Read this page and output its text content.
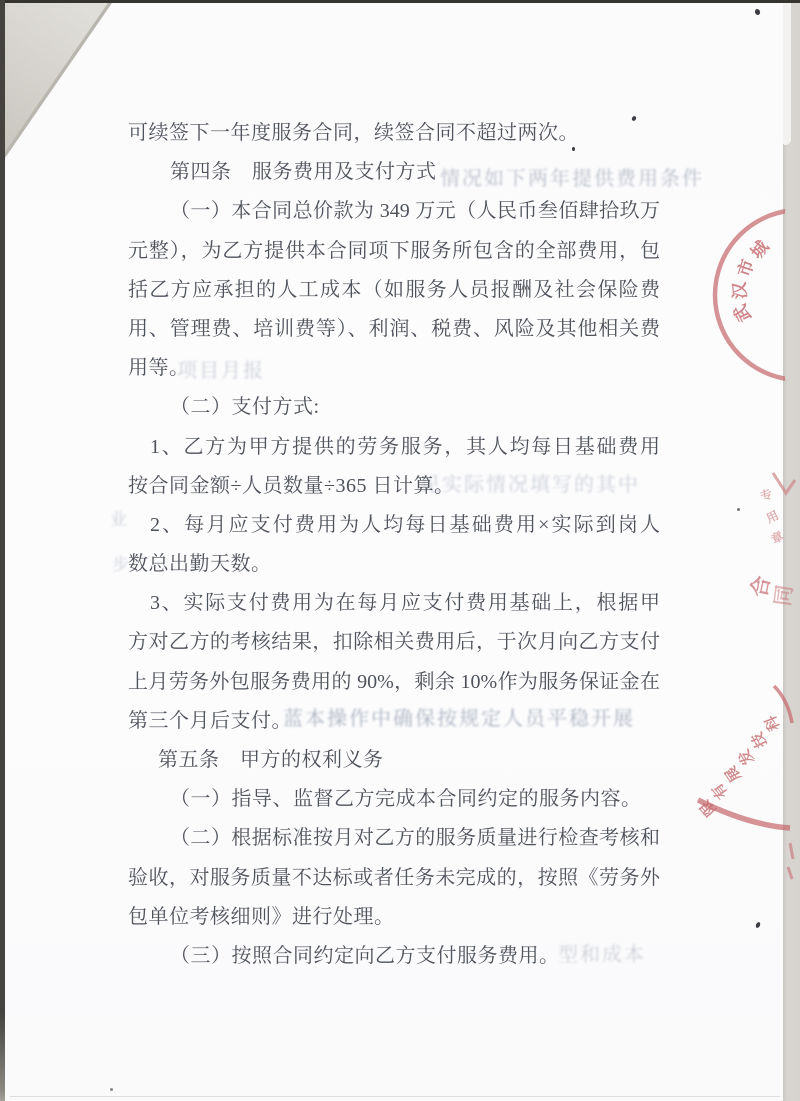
情况如下两年提供费用条件
项目月报
见实际情况填写的其中
业
蓝本操作中确保按规定人员平稳开展
型和成本
步
可续签下一年度服务合同，续签合同不超过两次。
第四条　服务费用及支付方式
（一）本合同总价款为 349 万元（人民币叁佰肆拾玖万
元整），为乙方提供本合同项下服务所包含的全部费用，包
括乙方应承担的人工成本（如服务人员报酬及社会保险费
用、管理费、培训费等）、利润、税费、风险及其他相关费
用等。
（二）支付方式:
1、乙方为甲方提供的劳务服务，其人均每日基础费用
按合同金额÷人员数量÷365 日计算。
2、每月应支付费用为人均每日基础费用×实际到岗人
数总出勤天数。
3、实际支付费用为在每月应支付费用基础上，根据甲
方对乙方的考核结果，扣除相关费用后，于次月向乙方支付
上月劳务外包服务费用的 90%，剩余 10%作为服务保证金在
第三个月后支付。
第五条　甲方的权利义务
（一）指导、监督乙方完成本合同约定的服务内容。
（二）根据标准按月对乙方的服务质量进行检查考核和
验收，对服务质量不达标或者任务未完成的，按照《劳务外
包单位考核细则》进行处理。
（三）按照合同约定向乙方支付服务费用。
城
市
汉
武
专
用
章
合
同
科
技
发
展
有
限
